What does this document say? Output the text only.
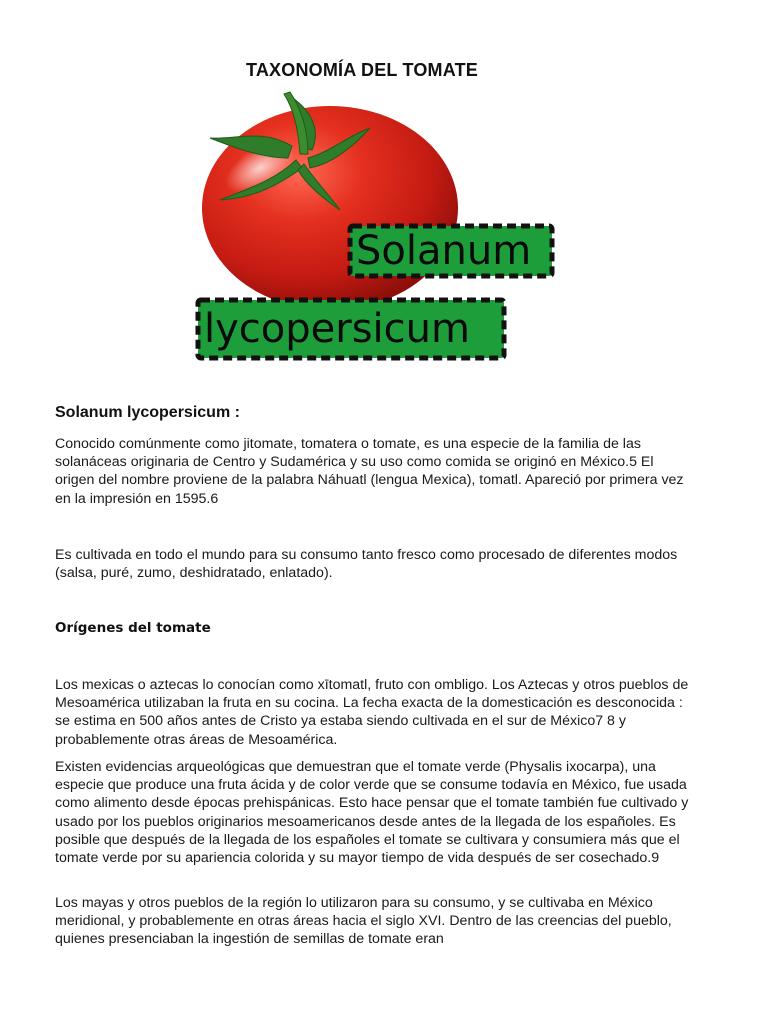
TAXONOMÍA DEL TOMATE
Solanum
lycopersicum
Solanum lycopersicum :

Conocido comúnmente como jitomate, tomatera o tomate, es una especie de la familia de las solanáceas originaria de Centro y Sudamérica y su uso como comida se originó en México.5 El origen del nombre proviene de la palabra Náhuatl (lengua Mexica), tomatl. Apareció por primera vez en la impresión en 1595.6

Es cultivada en todo el mundo para su consumo tanto fresco como procesado de diferentes modos (salsa, puré, zumo, deshidratado, enlatado).

Orígenes del tomate

Los mexicas o aztecas lo conocían como xītomatl, fruto con ombligo. Los Aztecas y otros pueblos de Mesoamérica utilizaban la fruta en su cocina. La fecha exacta de la domesticación es desconocida : se estima en 500 años antes de Cristo ya estaba siendo cultivada en el sur de México7 8 y probablemente otras áreas de Mesoamérica.

Existen evidencias arqueológicas que demuestran que el tomate verde (Physalis ixocarpa), una especie que produce una fruta ácida y de color verde que se consume todavía en México, fue usada como alimento desde épocas prehispánicas. Esto hace pensar que el tomate también fue cultivado y usado por los pueblos originarios mesoamericanos desde antes de la llegada de los españoles. Es posible que después de la llegada de los españoles el tomate se cultivara y consumiera más que el tomate verde por su apariencia colorida y su mayor tiempo de vida después de ser cosechado.9

Los mayas y otros pueblos de la región lo utilizaron para su consumo, y se cultivaba en México meridional, y probablemente en otras áreas hacia el siglo XVI. Dentro de las creencias del pueblo, quienes presenciaban la ingestión de semillas de tomate eran
